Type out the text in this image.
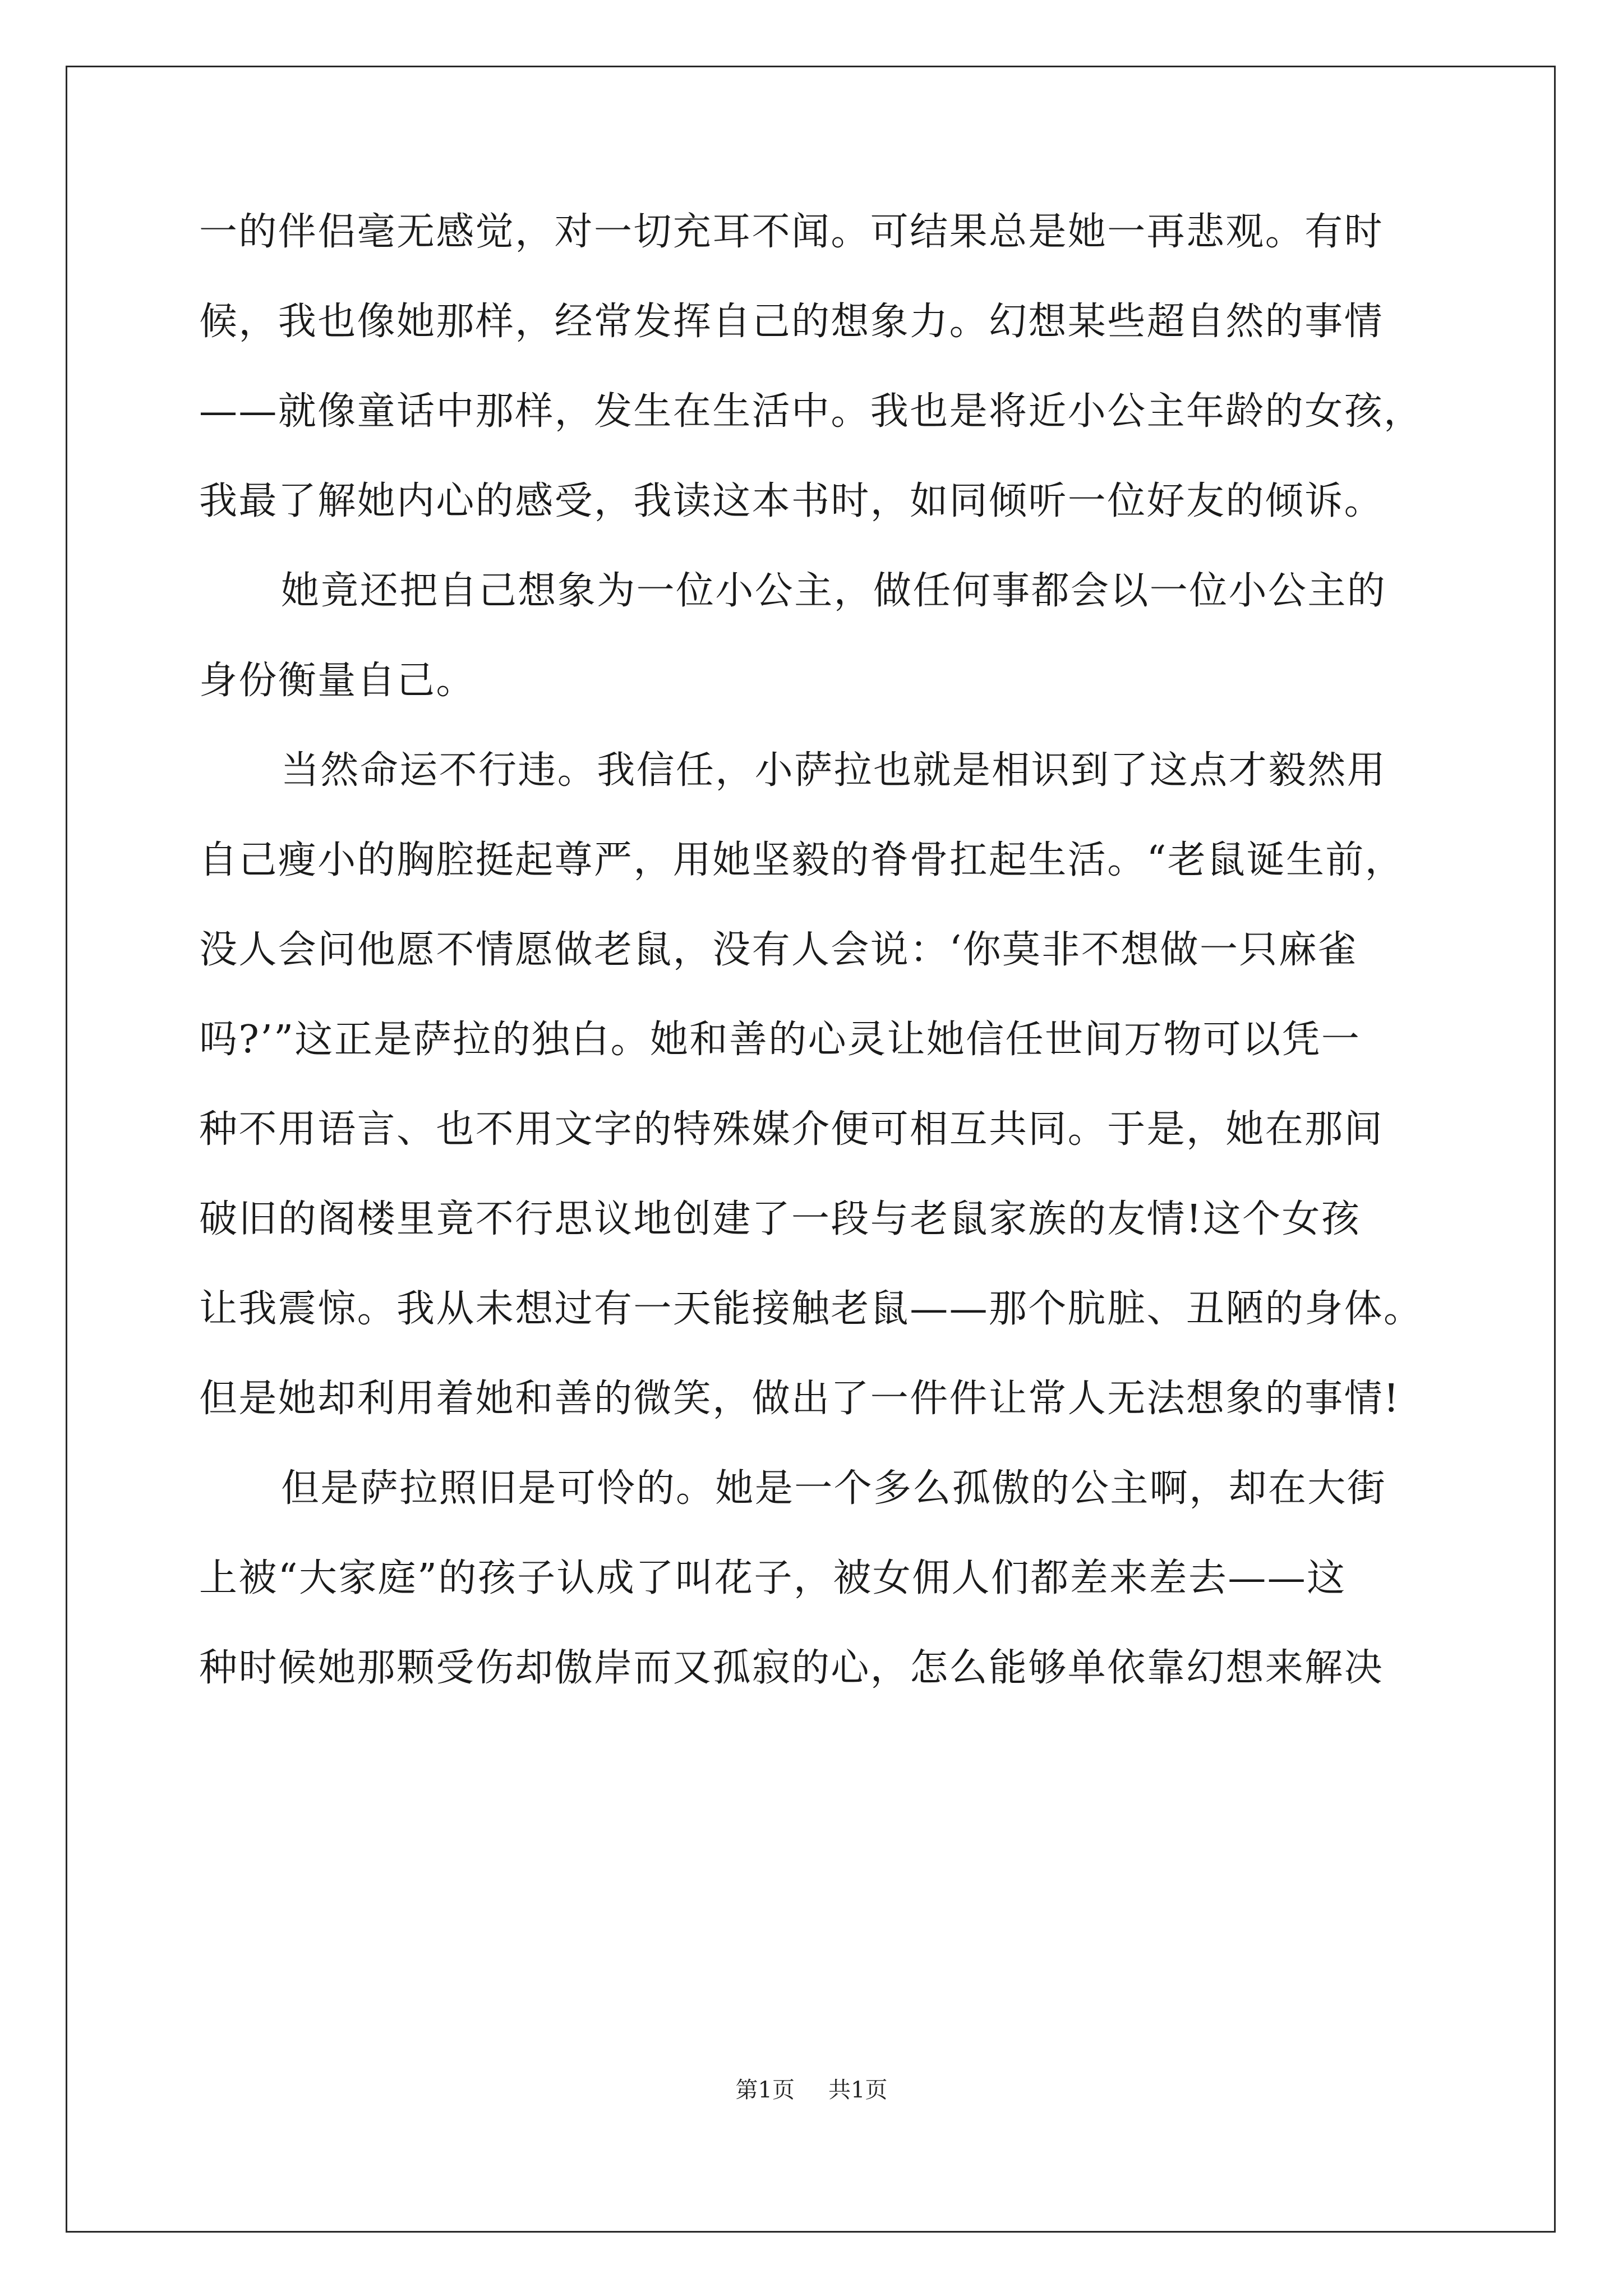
一的伴侣毫无感觉，对一切充耳不闻。可结果总是她一再悲观。有时
候，我也像她那样，经常发挥自己的想象力。幻想某些超自然的事情
——就像童话中那样，发生在生活中。我也是将近小公主年龄的女孩，
我最了解她内心的感受，我读这本书时，如同倾听一位好友的倾诉。
她竟还把自己想象为一位小公主，做任何事都会以一位小公主的
身份衡量自己。
当然命运不行违。我信任，小萨拉也就是相识到了这点才毅然用
自己瘦小的胸腔挺起尊严，用她坚毅的脊骨扛起生活。“老鼠诞生前，
没人会问他愿不情愿做老鼠，没有人会说：‘你莫非不想做一只麻雀
吗?’”这正是萨拉的独白。她和善的心灵让她信任世间万物可以凭一
种不用语言、也不用文字的特殊媒介便可相互共同。于是，她在那间
破旧的阁楼里竟不行思议地创建了一段与老鼠家族的友情!这个女孩
让我震惊。我从未想过有一天能接触老鼠——那个肮脏、丑陋的身体。
但是她却利用着她和善的微笑，做出了一件件让常人无法想象的事情!
但是萨拉照旧是可怜的。她是一个多么孤傲的公主啊，却在大街
上被“大家庭”的孩子认成了叫花子，被女佣人们都差来差去——这
种时候她那颗受伤却傲岸而又孤寂的心，怎么能够单依靠幻想来解决
第1页 共1页
